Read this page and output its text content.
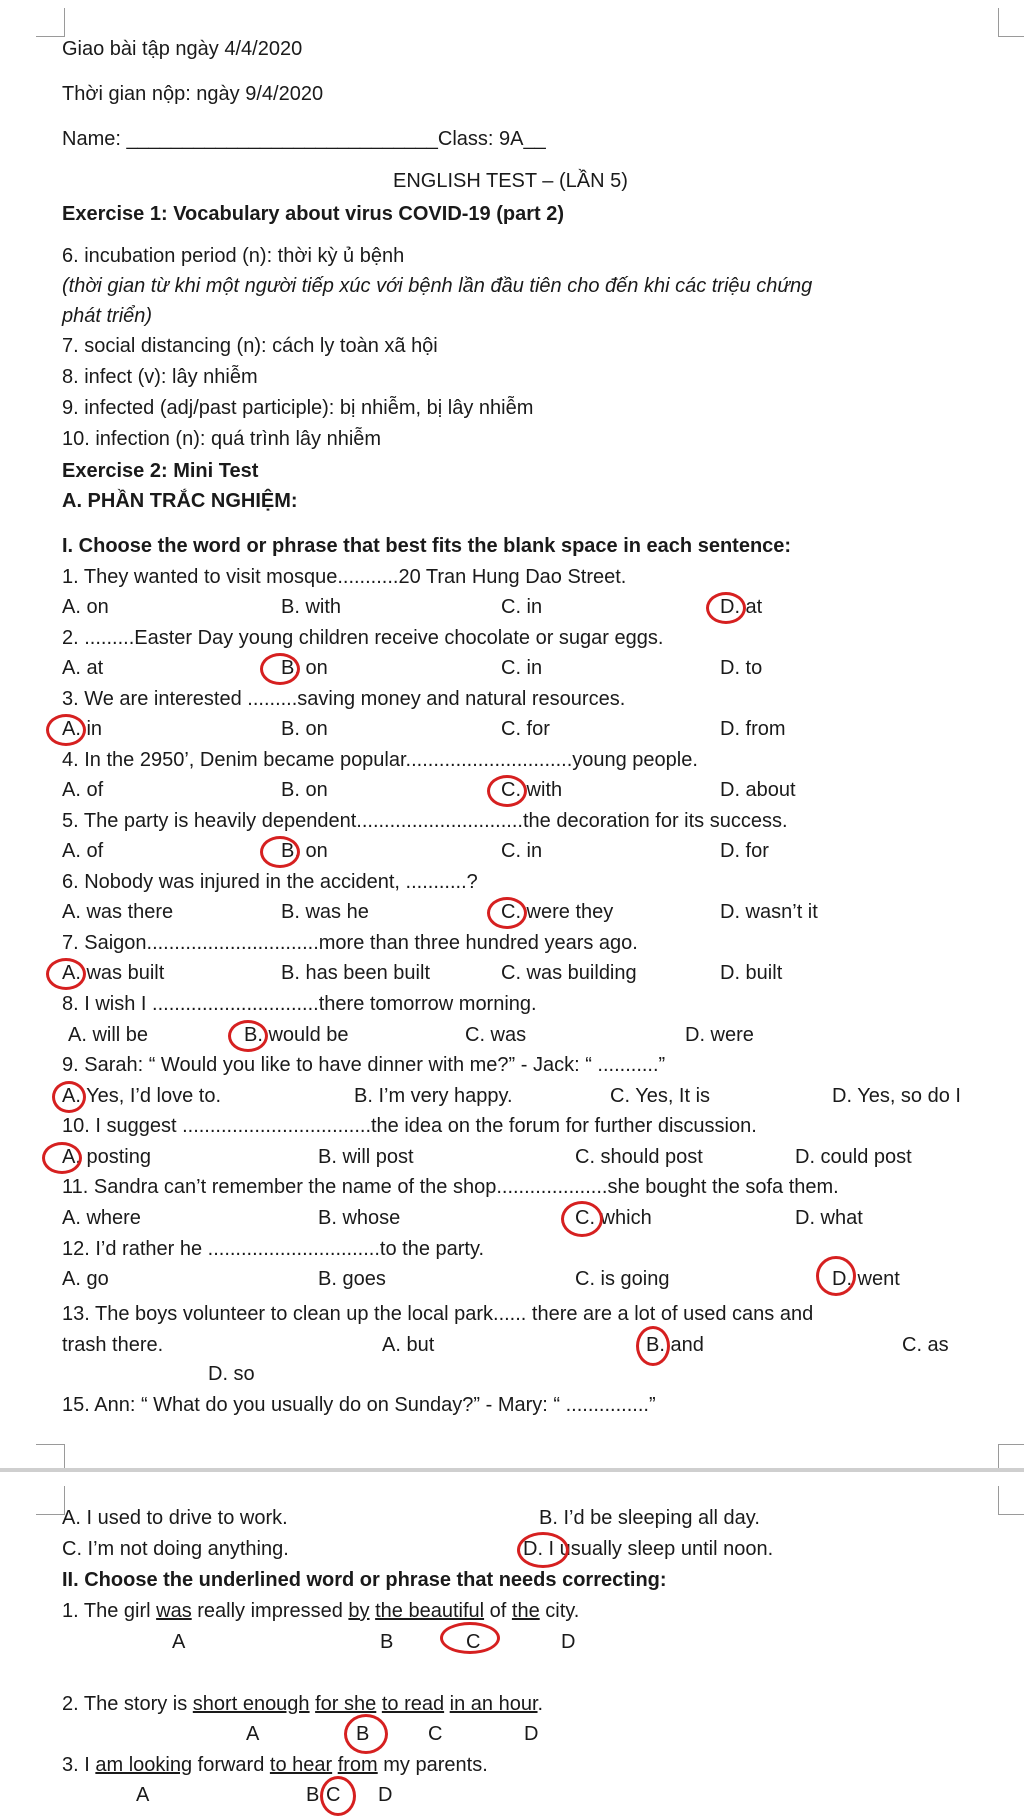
Giao bài tập ngày 4/4/2020
Thời gian nộp: ngày 9/4/2020
Name: ____________________________Class: 9A__
ENGLISH TEST – (LẦN 5)
Exercise 1: Vocabulary about virus COVID-19 (part 2)
6. incubation period (n): thời kỳ ủ bệnh
(thời gian từ khi một người tiếp xúc với bệnh lần đầu tiên cho đến khi các triệu chứng
phát triển)
7. social distancing (n): cách ly toàn xã hội
8. infect (v): lây nhiễm
9. infected (adj/past participle): bị nhiễm, bị lây nhiễm
10. infection (n): quá trình lây nhiễm
Exercise 2: Mini Test
A. PHẦN TRẮC NGHIỆM:
I. Choose the word or phrase that best fits the blank space in each sentence:
1. They wanted to visit mosque...........20 Tran Hung Dao Street.
A. on	B. with	C. in	D. at
2. .........Easter Day young children receive chocolate or sugar eggs.
A. at	B. on	C. in	D. to
3. We are interested .........saving money and natural resources.
A. in	B. on	C. for	D. from
4. In the 2950’, Denim became popular..............................young people.
A. of	B. on	C. with	D. about
5. The party is heavily dependent..............................the decoration for its success.
A. of	B. on	C. in	D. for
6. Nobody was injured in the accident, ...........?
A. was there	B. was he	C. were they	D. wasn’t it
7. Saigon...............................more than three hundred years ago.
A. was built	B. has been built	C. was building	D. built
8. I wish I ..............................there tomorrow morning.
A. will be	B. would be	C. was	D. were
9. Sarah: “ Would you like to have dinner with me?” - Jack: “ ...........”
A. Yes, I’d love to.	B. I’m very happy.	C. Yes, It is	D. Yes, so do I
10. I suggest ..................................the idea on the forum for further discussion.
A. posting	B. will post	C. should post	D. could post
11. Sandra can’t remember the name of the shop....................she bought the sofa them.
A. where	B. whose	C. which	D. what
12. I’d rather he ...............................to the party.
A. go	B. goes	C. is going	D. went
13. The boys volunteer to clean up the local park...... there are a lot of used cans and
trash there.	A. but	B. and	C. as
D. so
15. Ann: “ What do you usually do on Sunday?” - Mary: “ ...............”
A. I used to drive to work.	B. I’d be sleeping all day.
C. I’m not doing anything.	D. I usually sleep until noon.
II. Choose the underlined word or phrase that needs correcting:
1. The girl was really impressed by the beautiful of the city.
A	B	C	D
2. The story is short enough for she to read in an hour.
A	B	C	D
3. I am looking forward to hear from my parents.
A	B C D
